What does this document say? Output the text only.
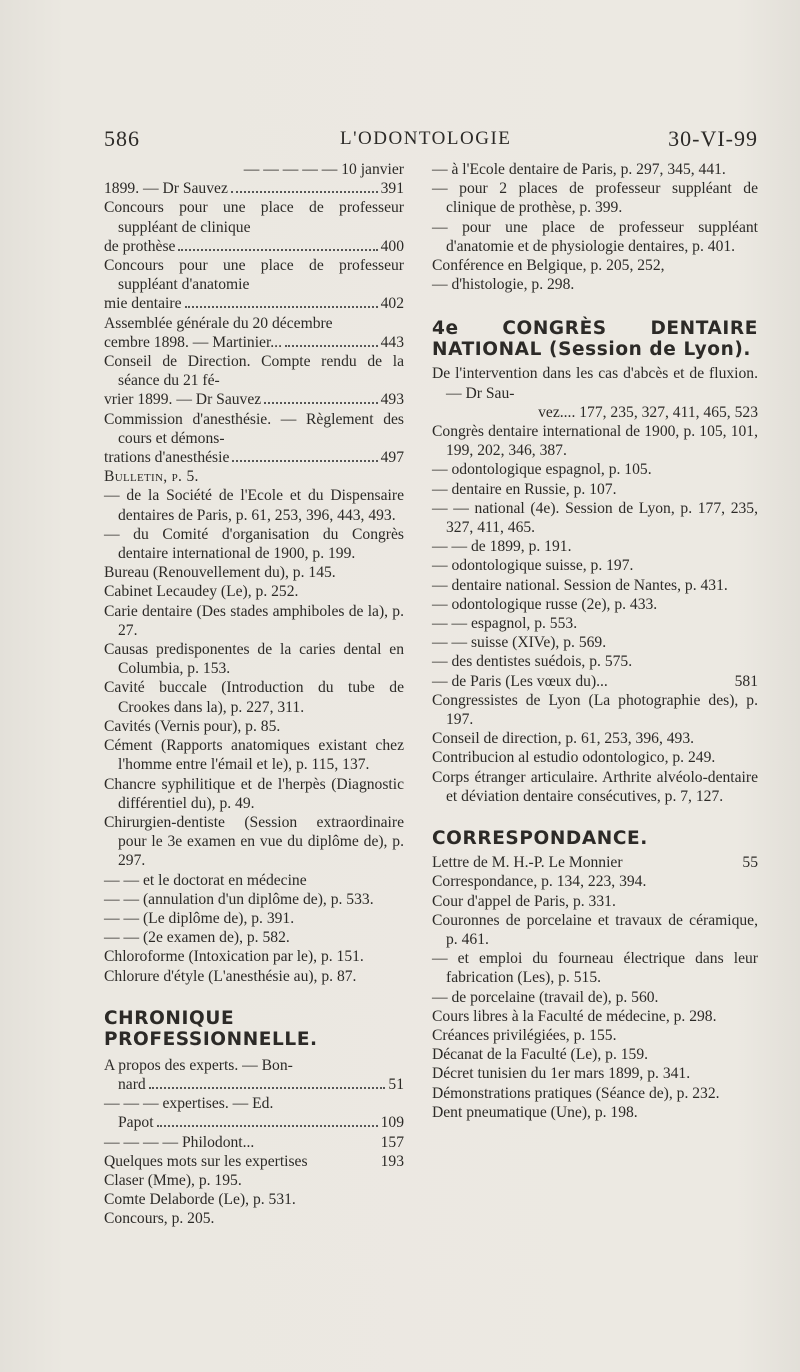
586	L'ODONTOLOGIE	30-VI-99

— — — — — 10 janvier

1899. — Dr Sauvez	391

Concours pour une place de professeur suppléant de clinique

de prothèse	400

Concours pour une place de professeur suppléant d'anatomie

mie dentaire	402

Assemblée générale du 20 décembre

cembre 1898. — Martinier...	443

Conseil de Direction. Compte rendu de la séance du 21 fé-

vrier 1899. — Dr Sauvez	493

Commission d'anesthésie. — Règlement des cours et démons-

trations d'anesthésie	497

Bulletin, p. 5.

— de la Société de l'Ecole et du Dispensaire dentaires de Paris, p. 61, 253, 396, 443, 493.

— du Comité d'organisation du Congrès dentaire international de 1900, p. 199.

Bureau (Renouvellement du), p. 145.

Cabinet Lecaudey (Le), p. 252.

Carie dentaire (Des stades amphiboles de la), p. 27.

Causas predisponentes de la caries dental en Columbia, p. 153.

Cavité buccale (Introduction du tube de Crookes dans la), p. 227, 311.

Cavités (Vernis pour), p. 85.

Cément (Rapports anatomiques existant chez l'homme entre l'émail et le), p. 115, 137.

Chancre syphilitique et de l'herpès (Diagnostic différentiel du), p. 49.

Chirurgien-dentiste (Session extraordinaire pour le 3e examen en vue du diplôme de), p. 297.

— — et le doctorat en médecine

— — (annulation d'un diplôme de), p. 533.

— — (Le diplôme de), p. 391.

— — (2e examen de), p. 582.

Chloroforme (Intoxication par le), p. 151.

Chlorure d'étyle (L'anesthésie au), p. 87.

CHRONIQUE PROFESSIONNELLE.

A propos des experts. — Bon-

nard	51

— — — expertises. — Ed.

Papot	109
— — — — Philodont...	157
Quelques mots sur les expertises	193

Claser (Mme), p. 195.

Comte Delaborde (Le), p. 531.

Concours, p. 205.

— à l'Ecole dentaire de Paris, p. 297, 345, 441.

— pour 2 places de professeur suppléant de clinique de prothèse, p. 399.

— pour une place de professeur suppléant d'anatomie et de physiologie dentaires, p. 401.

Conférence en Belgique, p. 205, 252,

— d'histologie, p. 298.

4e CONGRÈS DENTAIRE NATIONAL (Session de Lyon).

De l'intervention dans les cas d'abcès et de fluxion. — Dr Sau-

vez.... 177, 235, 327, 411, 465, 523

Congrès dentaire international de 1900, p. 105, 101, 199, 202, 346, 387.

— odontologique espagnol, p. 105.

— dentaire en Russie, p. 107.

— — national (4e). Session de Lyon, p. 177, 235, 327, 411, 465.

— — de 1899, p. 191.

— odontologique suisse, p. 197.

— dentaire national. Session de Nantes, p. 431.

— odontologique russe (2e), p. 433.

— — espagnol, p. 553.

— — suisse (XIVe), p. 569.

— des dentistes suédois, p. 575.

— de Paris (Les vœux du)...	581

Congressistes de Lyon (La photographie des), p. 197.

Conseil de direction, p. 61, 253, 396, 493.

Contribucion al estudio odontologico, p. 249.

Corps étranger articulaire. Arthrite alvéolo-dentaire et déviation dentaire consécutives, p. 7, 127.

CORRESPONDANCE.

Lettre de M. H.-P. Le Monnier	55

Correspondance, p. 134, 223, 394.

Cour d'appel de Paris, p. 331.

Couronnes de porcelaine et travaux de céramique, p. 461.

— et emploi du fourneau électrique dans leur fabrication (Les), p. 515.

— de porcelaine (travail de), p. 560.

Cours libres à la Faculté de médecine, p. 298.

Créances privilégiées, p. 155.

Décanat de la Faculté (Le), p. 159.

Décret tunisien du 1er mars 1899, p. 341.

Démonstrations pratiques (Séance de), p. 232.

Dent pneumatique (Une), p. 198.
